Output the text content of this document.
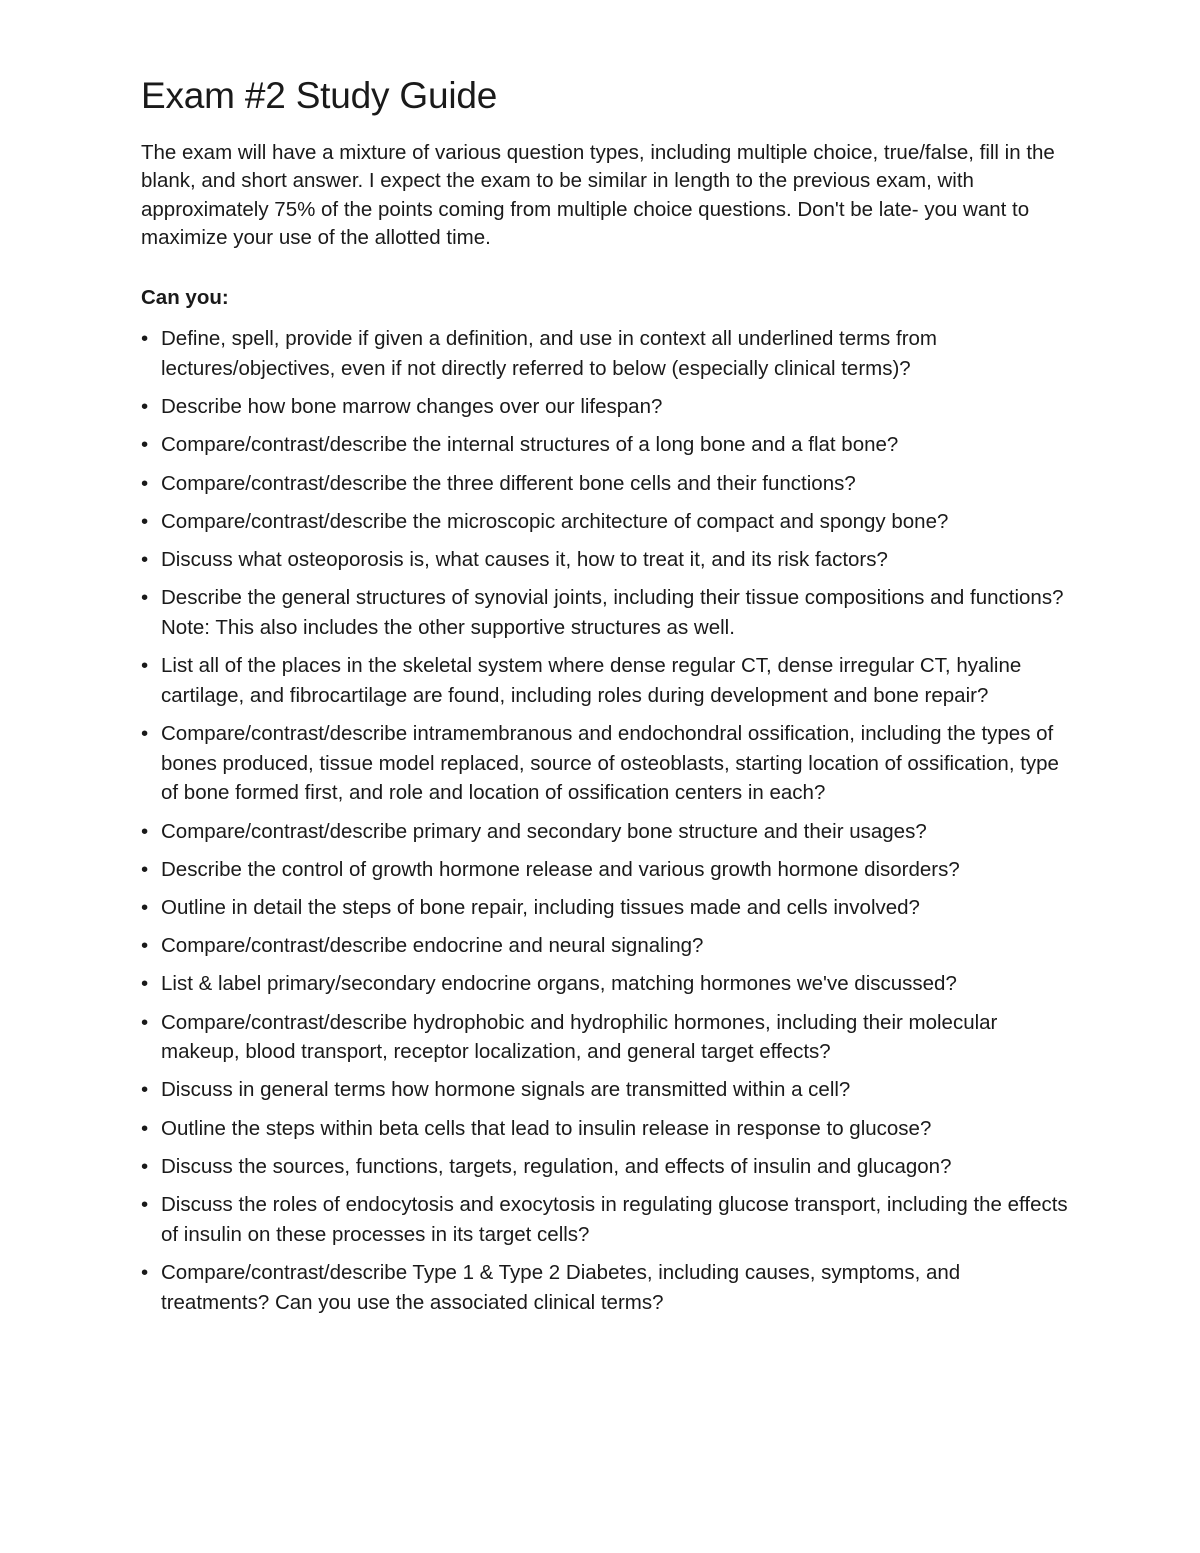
Exam #2 Study Guide

The exam will have a mixture of various question types, including multiple choice, true/false, fill in the blank, and short answer. I expect the exam to be similar in length to the previous exam, with approximately 75% of the points coming from multiple choice questions. Don't be late- you want to maximize your use of the allotted time.

Can you:

• Define, spell, provide if given a definition, and use in context all underlined terms from lectures/objectives, even if not directly referred to below (especially clinical terms)?
• Describe how bone marrow changes over our lifespan?
• Compare/contrast/describe the internal structures of a long bone and a flat bone?
• Compare/contrast/describe the three different bone cells and their functions?
• Compare/contrast/describe the microscopic architecture of compact and spongy bone?
• Discuss what osteoporosis is, what causes it, how to treat it, and its risk factors?
• Describe the general structures of synovial joints, including their tissue compositions and functions? Note: This also includes the other supportive structures as well.
• List all of the places in the skeletal system where dense regular CT, dense irregular CT, hyaline cartilage, and fibrocartilage are found, including roles during development and bone repair?
• Compare/contrast/describe intramembranous and endochondral ossification, including the types of bones produced, tissue model replaced, source of osteoblasts, starting location of ossification, type of bone formed first, and role and location of ossification centers in each?
• Compare/contrast/describe primary and secondary bone structure and their usages?
• Describe the control of growth hormone release and various growth hormone disorders?
• Outline in detail the steps of bone repair, including tissues made and cells involved?
• Compare/contrast/describe endocrine and neural signaling?
• List & label primary/secondary endocrine organs, matching hormones we've discussed?
• Compare/contrast/describe hydrophobic and hydrophilic hormones, including their molecular makeup, blood transport, receptor localization, and general target effects?
• Discuss in general terms how hormone signals are transmitted within a cell?
• Outline the steps within beta cells that lead to insulin release in response to glucose?
• Discuss the sources, functions, targets, regulation, and effects of insulin and glucagon?
• Discuss the roles of endocytosis and exocytosis in regulating glucose transport, including the effects of insulin on these processes in its target cells?
• Compare/contrast/describe Type 1 & Type 2 Diabetes, including causes, symptoms, and treatments? Can you use the associated clinical terms?
